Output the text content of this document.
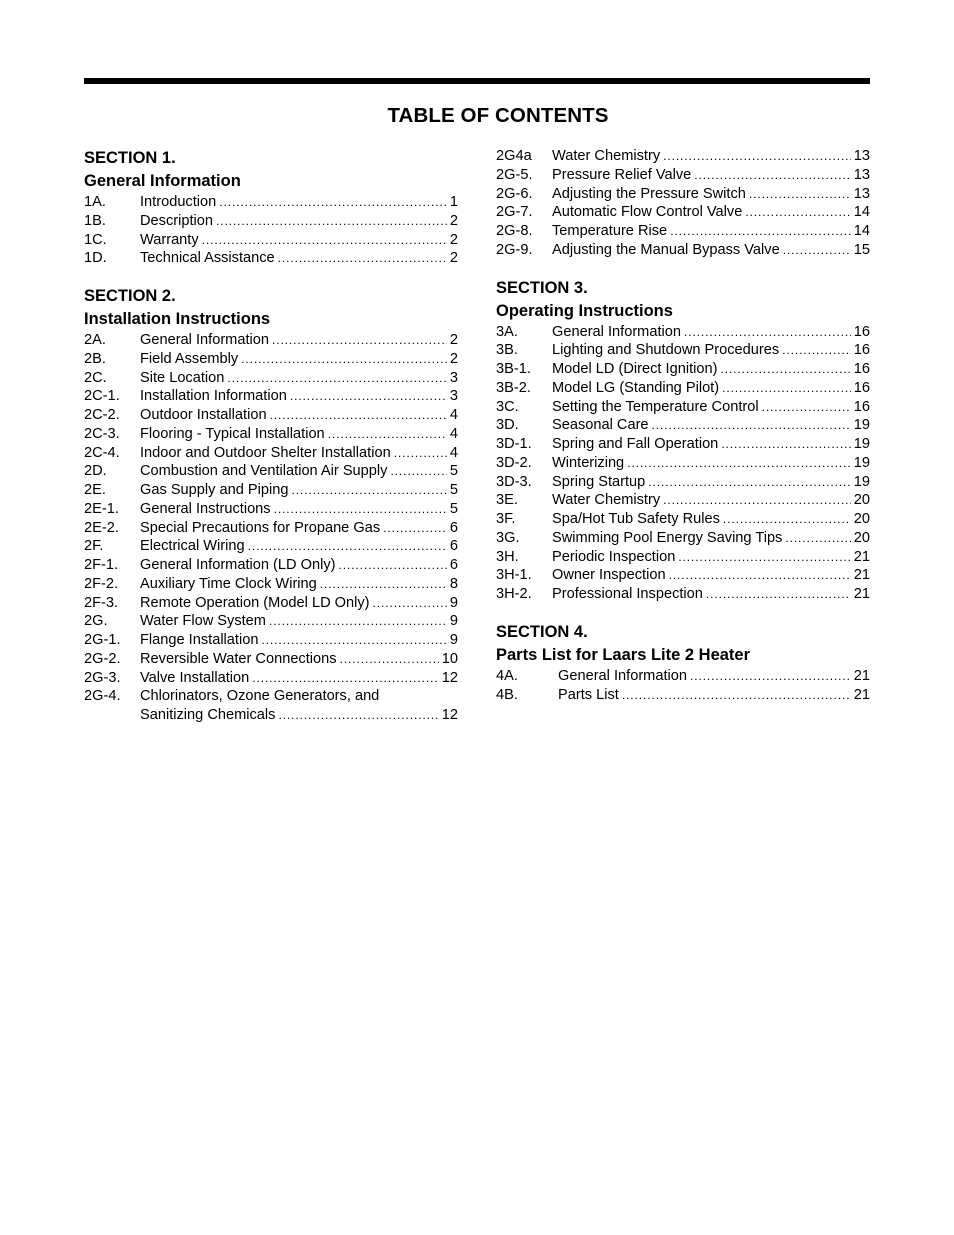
TABLE OF CONTENTS
SECTION 1.
General Information
1A.	Introduction .....	1
1B.	Description .....	2
1C.	Warranty .....	2
1D.	Technical Assistance .....	2
SECTION 2.
Installation Instructions
2A.	General Information .....	2
2B.	Field Assembly .....	2
2C.	Site Location .....	3
2C-1.	Installation Information .....	3
2C-2.	Outdoor Installation .....	4
2C-3.	Flooring - Typical Installation .....	4
2C-4.	Indoor and Outdoor Shelter Installation .....	4
2D.	Combustion and Ventilation Air Supply .....	5
2E.	Gas Supply and Piping .....	5
2E-1.	General Instructions .....	5
2E-2.	Special Precautions for Propane Gas .....	6
2F.	Electrical Wiring .....	6
2F-1.	General Information (LD Only) .....	6
2F-2.	Auxiliary Time Clock Wiring .....	8
2F-3.	Remote Operation (Model LD Only) .....	9
2G.	Water Flow System .....	9
2G-1.	Flange Installation .....	9
2G-2.	Reversible Water Connections .....	10
2G-3.	Valve Installation .....	12
2G-4.	Chlorinators, Ozone Generators, and
Sanitizing Chemicals .....	12
2G4a	Water Chemistry .....	13
2G-5.	Pressure Relief Valve .....	13
2G-6.	Adjusting the Pressure Switch .....	13
2G-7.	Automatic Flow Control Valve .....	14
2G-8.	Temperature Rise .....	14
2G-9.	Adjusting the Manual Bypass Valve .....	15
SECTION 3.
Operating Instructions
3A.	General Information .....	16
3B.	Lighting and Shutdown Procedures .....	16
3B-1.	Model LD (Direct Ignition) .....	16
3B-2.	Model LG (Standing Pilot) .....	16
3C.	Setting the Temperature Control .....	16
3D.	Seasonal Care .....	19
3D-1.	Spring and Fall Operation .....	19
3D-2.	Winterizing .....	19
3D-3.	Spring Startup .....	19
3E.	Water Chemistry .....	20
3F.	Spa/Hot Tub Safety Rules .....	20
3G.	Swimming Pool Energy Saving Tips .....	20
3H.	Periodic Inspection .....	21
3H-1.	Owner Inspection .....	21
3H-2.	Professional Inspection .....	21
SECTION 4.
Parts List for Laars Lite 2 Heater
4A.	General Information .....	21
4B.	Parts List .....	21
